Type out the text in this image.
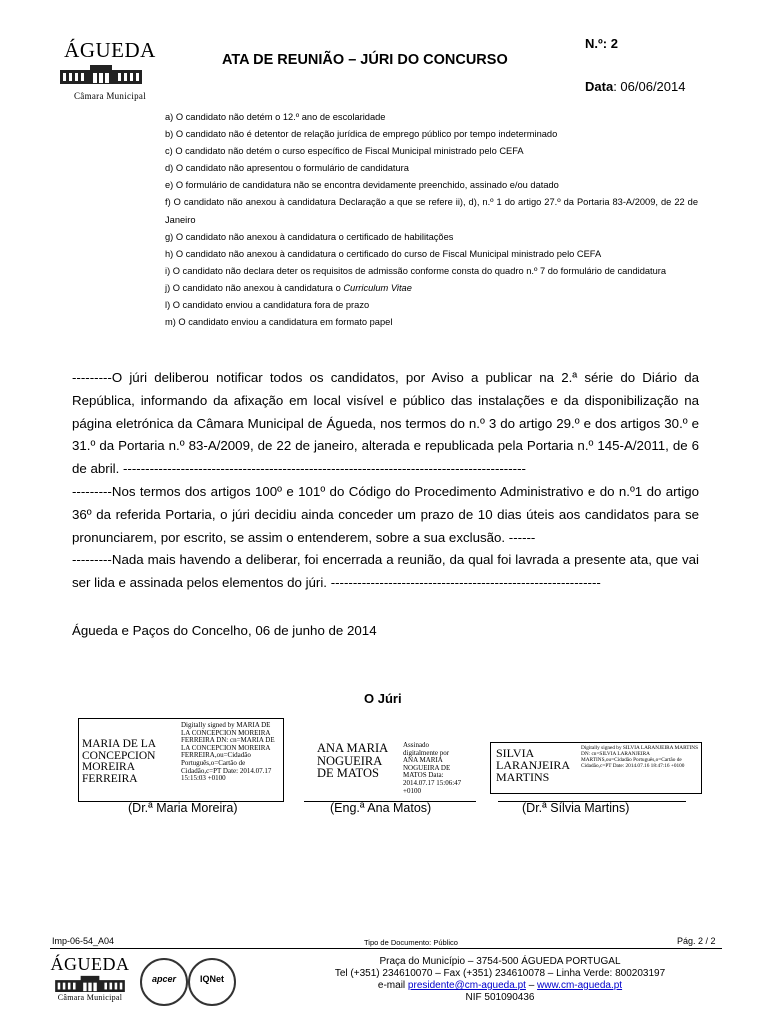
ÁGUEDA
Câmara Municipal
ATA DE REUNIÃO – JÚRI DO CONCURSO
N.º: 2
Data: 06/06/2014
a) O candidato não detém o 12.º ano de escolaridade
b) O candidato não é detentor de relação jurídica de emprego público por tempo indeterminado
c) O candidato não detém o curso específico de Fiscal Municipal ministrado pelo CEFA
d) O candidato não apresentou o formulário de candidatura
e) O formulário de candidatura não se encontra devidamente preenchido, assinado e/ou datado
f) O candidato não anexou à candidatura Declaração a que se refere ii), d), n.º 1 do artigo 27.º da Portaria 83-A/2009, de 22 de Janeiro
g) O candidato não anexou à candidatura o certificado de habilitações
h) O candidato não anexou à candidatura o certificado do curso de Fiscal Municipal ministrado pelo CEFA
i) O candidato não declara deter os requisitos de admissão conforme consta do quadro n.º 7 do formulário de candidatura
j) O candidato não anexou à candidatura o Curriculum Vitae
l) O candidato enviou a candidatura fora de prazo
m) O candidato enviou a candidatura em formato papel

---------O júri deliberou notificar todos os candidatos, por Aviso a publicar na 2.ª série do Diário da República, informando da afixação em local visível e público das instalações e da disponibilização na página eletrónica da Câmara Municipal de Águeda, nos termos do n.º 3 do artigo 29.º e dos artigos 30.º e 31.º da Portaria n.º 83-A/2009, de 22 de janeiro, alterada e republicada pela Portaria n.º 145-A/2011, de 6 de abril. -------------------------------------------------------------------------------------------

---------Nos termos dos artigos 100º e 101º do Código do Procedimento Administrativo e do n.º1 do artigo 36º da referida Portaria, o júri decidiu ainda conceder um prazo de 10 dias úteis aos candidatos para se pronunciarem, por escrito, se assim o entenderem, sobre a sua exclusão. ------

---------Nada mais havendo a deliberar, foi encerrada a reunião, da qual foi lavrada a presente ata, que vai ser lida e assinada pelos elementos do júri. -------------------------------------------------------------

Águeda e Paços do Concelho, 06 de junho de 2014
O Júri
MARIA DE LA CONCEPCION MOREIRA FERREIRA
Digitally signed by MARIA DE LA CONCEPCION MOREIRA FERREIRA DN: cn=MARIA DE LA CONCEPCION MOREIRA FERREIRA,ou=Cidadão Português,o=Cartão de Cidadão,c=PT Date: 2014.07.17 15:15:03 +0100
(Dr.ª Maria Moreira)
ANA MARIA NOGUEIRA DE MATOS
Assinado digitalmente por ANA MARIA NOGUEIRA DE MATOS Data: 2014.07.17 15:06:47 +0100
(Eng.ª Ana Matos)
SILVIA LARANJEIRA MARTINS
Digitally signed by SILVIA LARANJEIRA MARTINS DN: cn=SILVIA LARANJEIRA MARTINS,ou=Cidadão Português,o=Cartão de Cidadão,c=PT Date: 2014.07.16 18:47:16 +0100
(Dr.ª Sílvia Martins)
Imp-06-54_A04	Tipo de Documento: Público	Pág. 2 / 2
ÁGUEDA
Câmara Municipal
apcer	IQNet
Praça do Município – 3754-500 ÁGUEDA PORTUGAL
Tel (+351) 234610070 – Fax (+351) 234610078 – Linha Verde: 800203197
e-mail presidente@cm-agueda.pt – www.cm-agueda.pt
NIF 501090436
